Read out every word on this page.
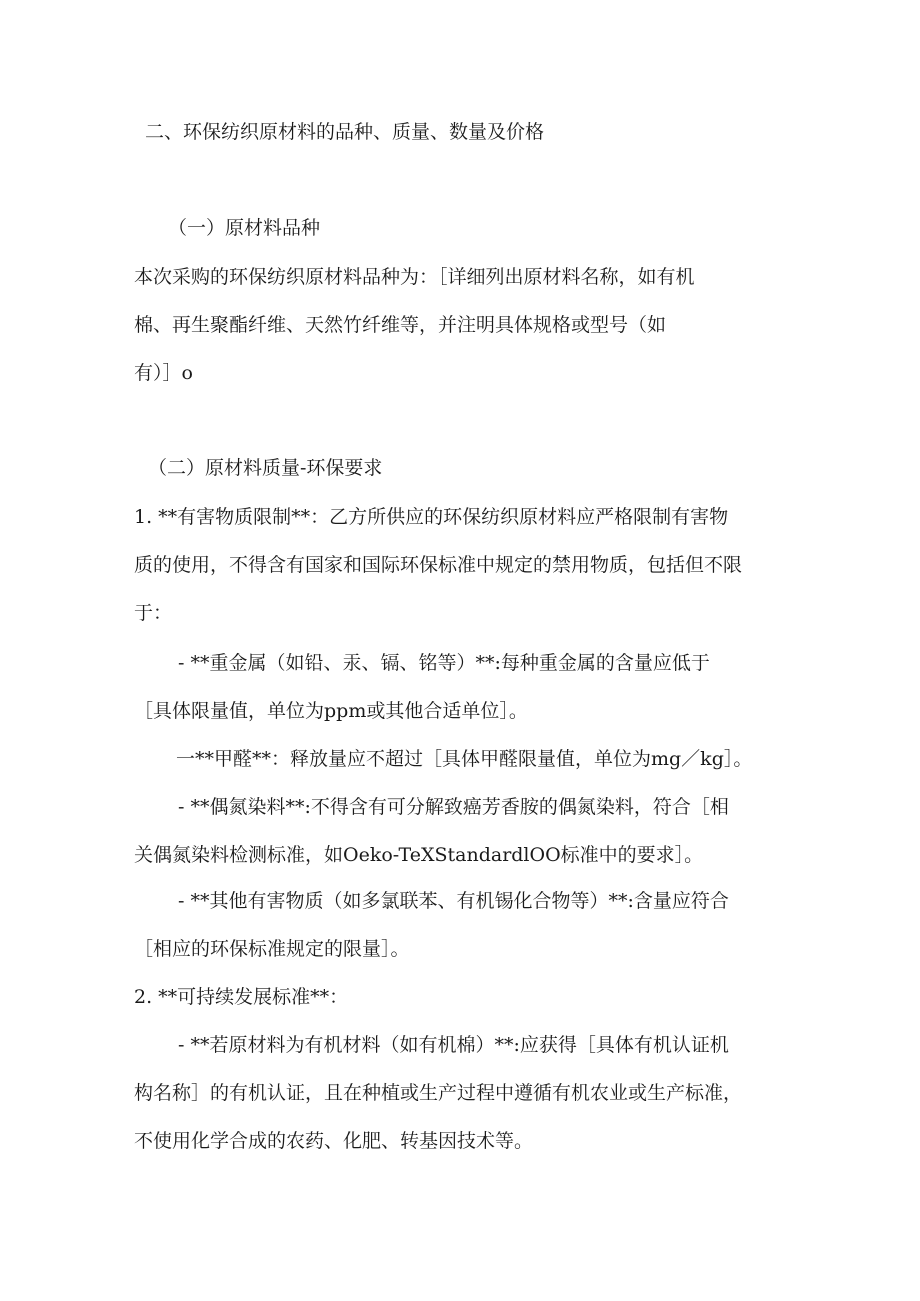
二、环保纺织原材料的品种、质量、数量及价格
（一）原材料品种
本次采购的环保纺织原材料品种为：［详细列出原材料名称，如有机
棉、再生聚酯纤维、天然竹纤维等，并注明具体规格或型号（如
有）］o
（二）原材料质量-环保要求
1. **有害物质限制**：乙方所供应的环保纺织原材料应严格限制有害物
质的使用，不得含有国家和国际环保标准中规定的禁用物质，包括但不限
于：
- **重金属（如铅、汞、镉、铭等）**:每种重金属的含量应低于
［具体限量值，单位为ppm或其他合适单位］。
一**甲醛**：释放量应不超过［具体甲醛限量值，单位为mg／kg］。
- **偶氮染料**:不得含有可分解致癌芳香胺的偶氮染料，符合［相
关偶氮染料检测标准，如Oeko-TeXStandardlOO标准中的要求］。
- **其他有害物质（如多氯联苯、有机锡化合物等）**:含量应符合
［相应的环保标准规定的限量］。
2. **可持续发展标准**：
- **若原材料为有机材料（如有机棉）**:应获得［具体有机认证机
构名称］的有机认证，且在种植或生产过程中遵循有机农业或生产标准，
不使用化学合成的农药、化肥、转基因技术等。
